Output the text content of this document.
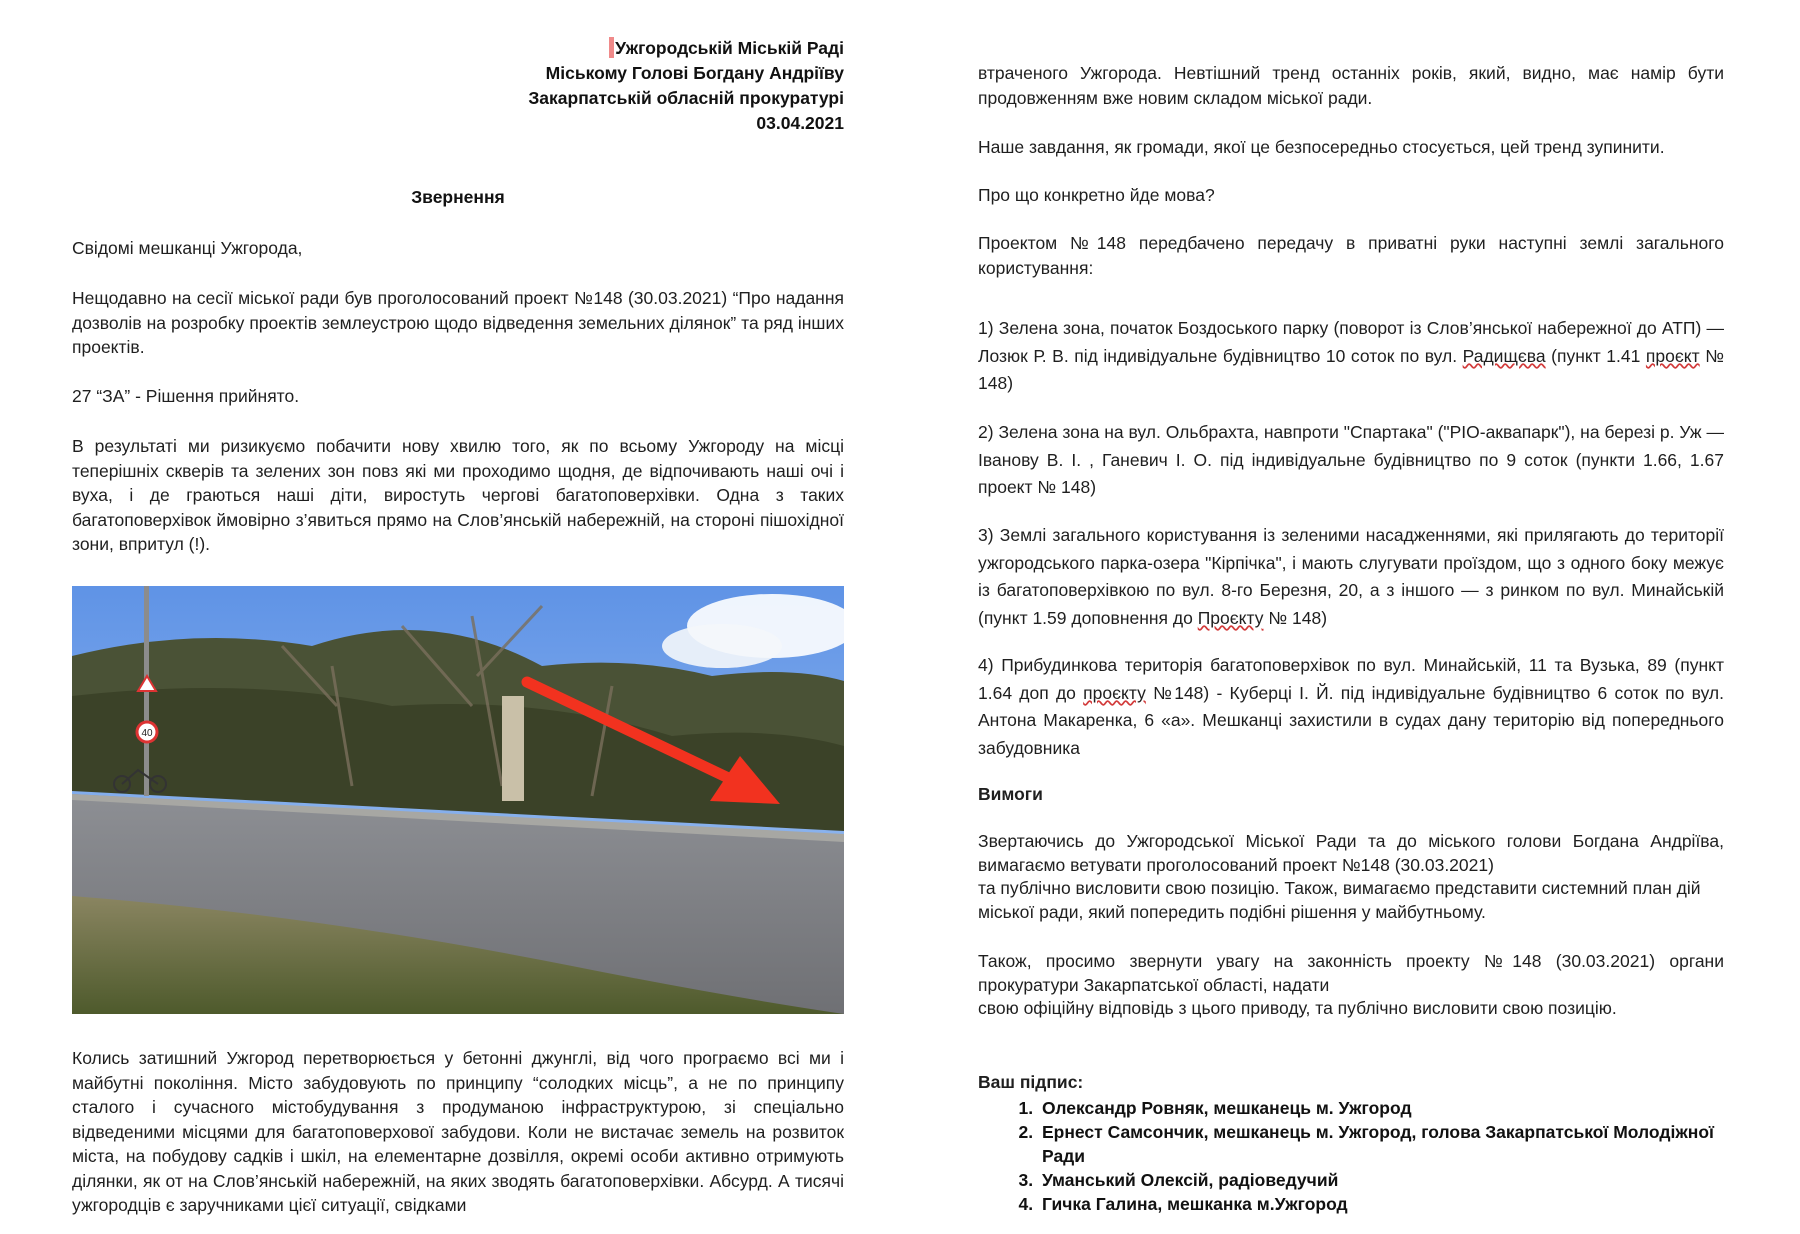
Ужгородській Міській Раді
Міському Голові Богдану Андріїву
Закарпатській обласній прокуратурі
03.04.2021
Звернення

Свідомі мешканці Ужгорода,

Нещодавно на сесії міської ради був проголосований проект №148 (30.03.2021) “Про надання дозволів на розробку проектів землеустрою щодо відведення земельних ділянок” та ряд інших проектів.

27 “ЗА” - Рішення прийнято.

В результаті ми ризикуємо побачити нову хвилю того, як по всьому Ужгороду на місці теперішніх скверів та зелених зон повз які ми проходимо щодня, де відпочивають наші очі і вуха, і де граються наші діти, виростуть чергові багатоповерхівки. Одна з таких багатоповерхівок ймовірно з’явиться прямо на Слов’янській набережній, на стороні пішохідної зони, впритул (!).

40

Колись затишний Ужгород перетворюється у бетонні джунглі, від чого програємо всі ми і майбутні покоління. Місто забудовують по принципу “солодких місць”, а не по принципу сталого і сучасного містобудування з продуманою інфраструктурою, зі спеціально відведеними місцями для багатоповерхової забудови. Коли не вистачає земель на розвиток міста, на побудову садків і шкіл, на елементарне дозвілля, окремі особи активно отримують ділянки, як от на Слов’янській набережній, на яких зводять багатоповерхівки. Абсурд. А тисячі ужгородців є заручниками цієї ситуації, свідками

втраченого Ужгорода. Невтішний тренд останніх років, який, видно, має намір бути продовженням вже новим складом міської ради.

Наше завдання, як громади, якої це безпосередньо стосується, цей тренд зупинити.

Про що конкретно йде мова?

Проектом №148 передбачено передачу в приватні руки наступні землі загального користування:

1) Зелена зона, початок Боздоського парку (поворот із Слов’янської набережної до АТП) — Лозюк Р. В. під індивідуальне будівництво 10 соток по вул. Радищєва (пункт 1.41 проєкт № 148)

2) Зелена зона на вул. Ольбрахта, навпроти "Спартака" ("РІО-аквапарк"), на березі р. Уж — Іванову В. І. , Ганевич І. О. під індивідуальне будівництво по 9 соток (пункти 1.66, 1.67 проект № 148)

3) Землі загального користування із зеленими насадженнями, які прилягають до території ужгородського парка-озера "Кірпічка", і мають слугувати проїздом, що з одного боку межує із багатоповерхівкою по вул. 8-го Березня, 20, а з іншого — з ринком по вул. Минайській (пункт 1.59 доповнення до Проєкту № 148)

4) Прибудинкова територія багатоповерхівок по вул. Минайській, 11 та Вузька, 89 (пункт 1.64 доп до проєкту №148) - Куберці І. Й. під індивідуальне будівництво 6 соток по вул. Антона Макаренка, 6 «а». Мешканці захистили в судах дану територію від попереднього забудовника

Вимоги

Звертаючись до Ужгородської Міської Ради та до міського голови Богдана Андріїва, вимагаємо ветувати проголосований проект №148 (30.03.2021)

та публічно висловити свою позицію. Також, вимагаємо представити системний план дій міської ради, який попередить подібні рішення у майбутньому.

Також, просимо звернути увагу на законність проекту №148 (30.03.2021) органи прокуратури Закарпатської області, надати

свою офіційну відповідь з цього приводу, та публічно висловити свою позицію.

Ваш підпис:
1. Олександр Ровняк, мешканець м. Ужгород
2. Ернест Самсончик, мешканець м. Ужгород, голова Закарпатської Молодіжної Ради
3. Уманський Олексій, радіоведучий
4. Гичка Галина, мешканка м.Ужгород
